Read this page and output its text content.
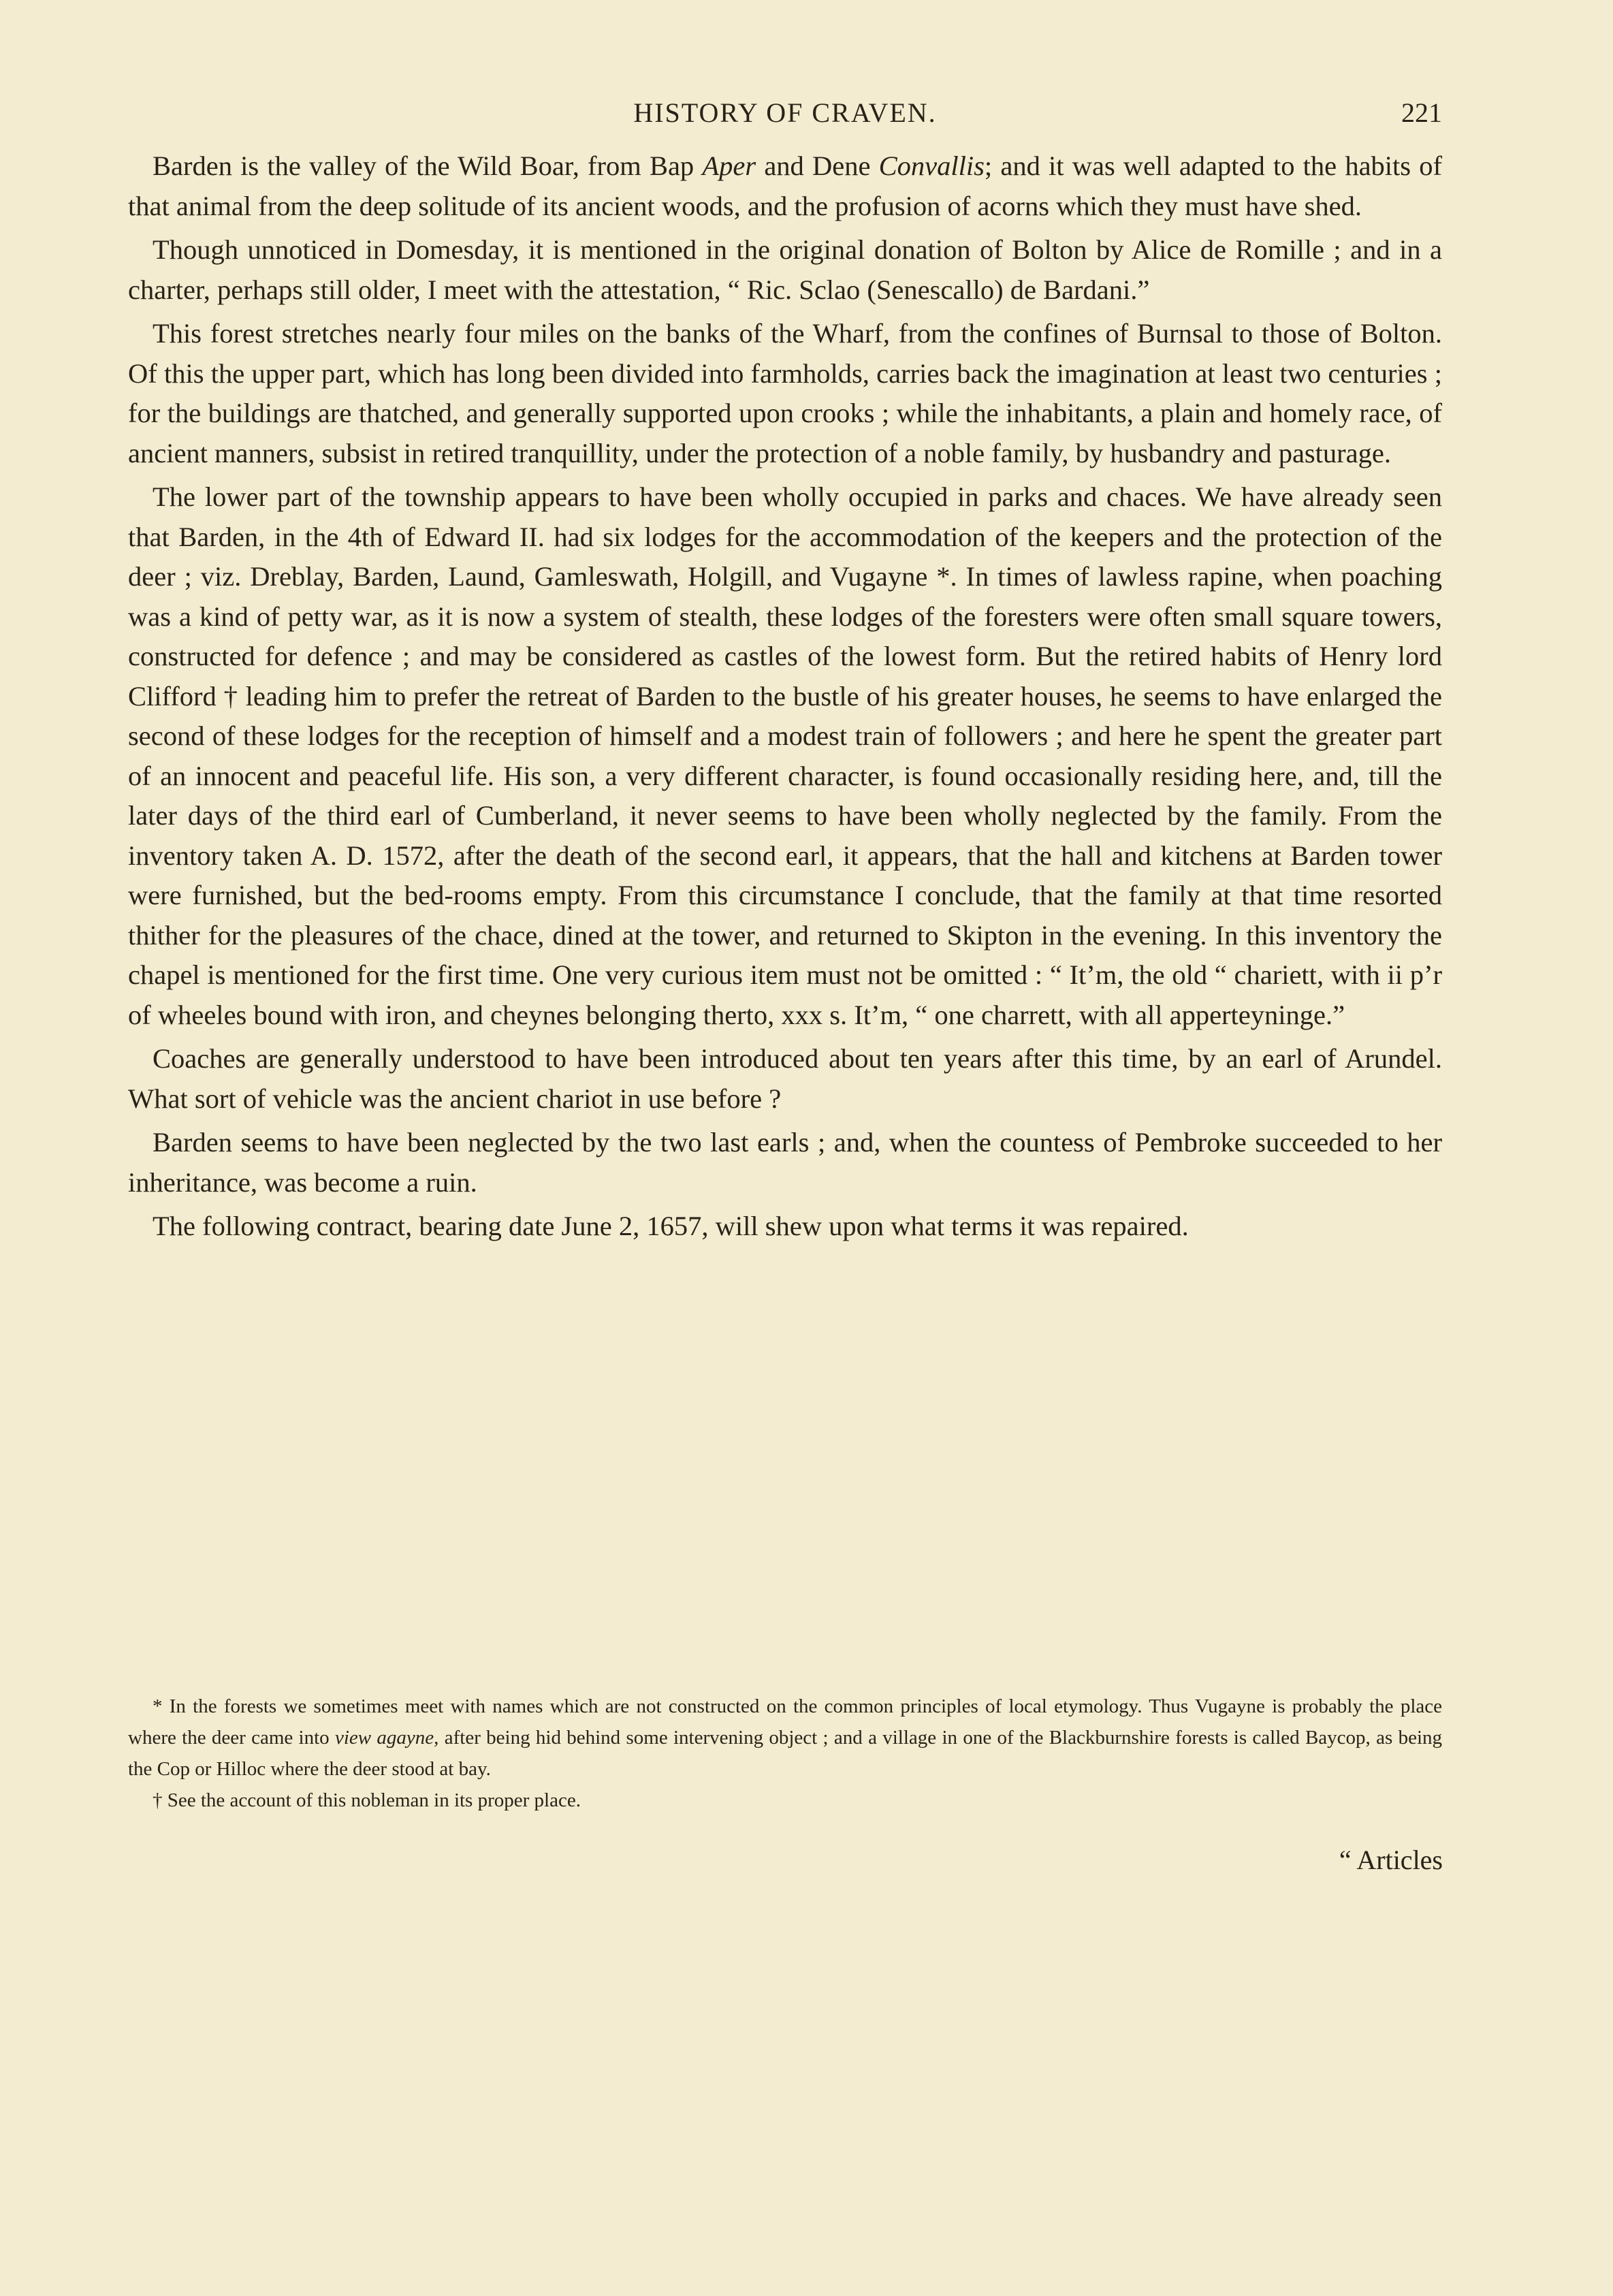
HISTORY OF CRAVEN.	221

Barden is the valley of the Wild Boar, from Bap Aper and Dene Convallis; and it was well adapted to the habits of that animal from the deep solitude of its ancient woods, and the profusion of acorns which they must have shed.

Though unnoticed in Domesday, it is mentioned in the original donation of Bolton by Alice de Romille ; and in a charter, perhaps still older, I meet with the attestation, “ Ric. Sclao (Senescallo) de Bardani.”

This forest stretches nearly four miles on the banks of the Wharf, from the confines of Burnsal to those of Bolton. Of this the upper part, which has long been divided into farmholds, carries back the imagination at least two centuries ; for the buildings are thatched, and generally supported upon crooks ; while the inhabitants, a plain and homely race, of ancient manners, subsist in retired tranquillity, under the protection of a noble family, by husbandry and pasturage.

The lower part of the township appears to have been wholly occupied in parks and chaces. We have already seen that Barden, in the 4th of Edward II. had six lodges for the accommodation of the keepers and the protection of the deer ; viz. Dreblay, Barden, Laund, Gamleswath, Holgill, and Vugayne *. In times of lawless rapine, when poaching was a kind of petty war, as it is now a system of stealth, these lodges of the foresters were often small square towers, constructed for defence ; and may be considered as castles of the lowest form. But the retired habits of Henry lord Clifford † leading him to prefer the retreat of Barden to the bustle of his greater houses, he seems to have enlarged the second of these lodges for the reception of himself and a modest train of followers ; and here he spent the greater part of an innocent and peaceful life. His son, a very different character, is found occasionally residing here, and, till the later days of the third earl of Cumberland, it never seems to have been wholly neglected by the family. From the inventory taken A. D. 1572, after the death of the second earl, it appears, that the hall and kitchens at Barden tower were furnished, but the bed-rooms empty. From this circumstance I conclude, that the family at that time resorted thither for the pleasures of the chace, dined at the tower, and returned to Skipton in the evening. In this inventory the chapel is mentioned for the first time. One very curious item must not be omitted : “ It’m, the old “ chariett, with ii p’r of wheeles bound with iron, and cheynes belonging therto, xxx s. It’m, “ one charrett, with all apperteyninge.”

Coaches are generally understood to have been introduced about ten years after this time, by an earl of Arundel. What sort of vehicle was the ancient chariot in use before ?

Barden seems to have been neglected by the two last earls ; and, when the countess of Pembroke succeeded to her inheritance, was become a ruin.

The following contract, bearing date June 2, 1657, will shew upon what terms it was repaired.

* In the forests we sometimes meet with names which are not constructed on the common principles of local etymology. Thus Vugayne is probably the place where the deer came into view agayne, after being hid behind some intervening object ; and a village in one of the Blackburnshire forests is called Baycop, as being the Cop or Hilloc where the deer stood at bay.

† See the account of this nobleman in its proper place.

“ Articles
